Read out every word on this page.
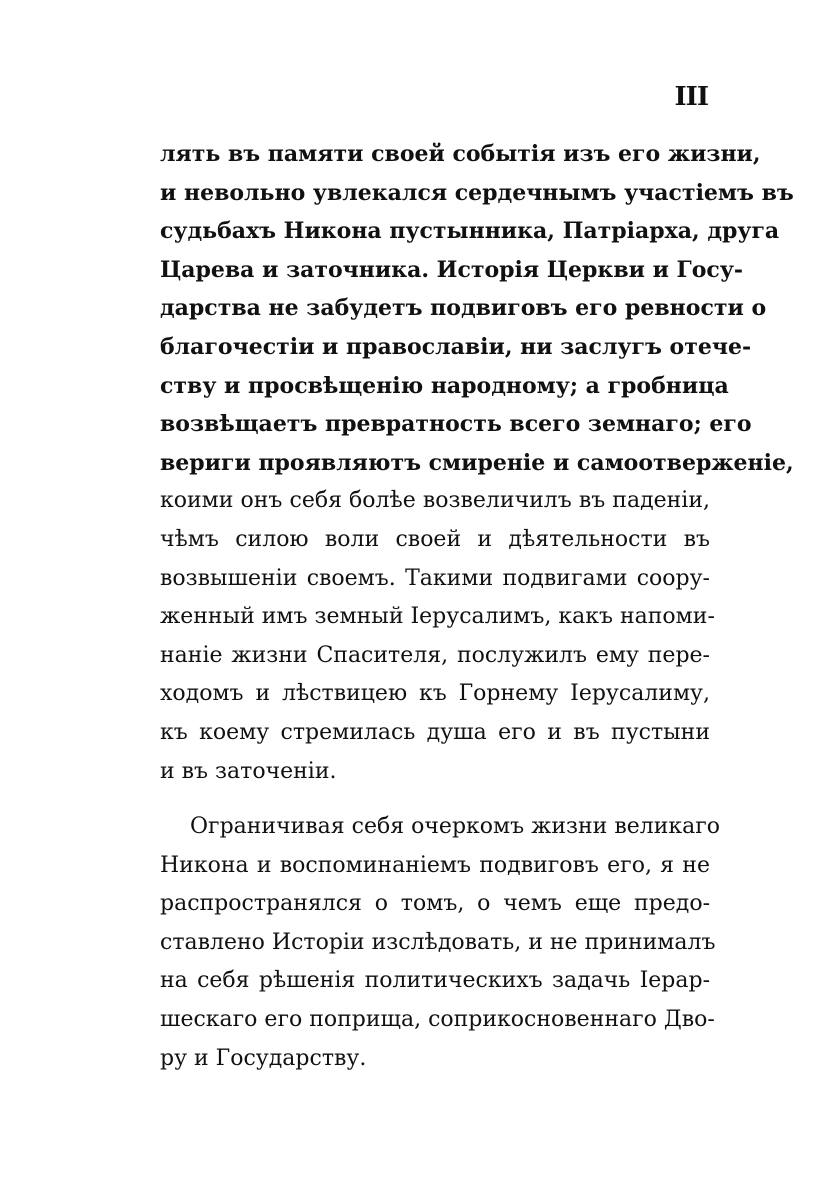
III
лять въ памяти своей событія изъ его жизни,
и невольно увлекался сердечнымъ участіемъ въ
судьбахъ Никона пустынника, Патріарха, друга
Царева и заточника. Исторія Церкви и Госу-
дарства не забудетъ подвиговъ его ревности о
благочестіи и православіи, ни заслугъ отече-
ству и просвѣщенію народному; а гробница
возвѣщаетъ превратность всего земнаго; его
вериги проявляютъ смиреніе и самоотверженіе,
коими онъ себя болѣе возвеличилъ въ паденіи,
чѣмъ силою воли своей и дѣятельности въ
возвышеніи своемъ. Такими подвигами соору-
женный имъ земный Іерусалимъ, какъ напоми-
наніе жизни Спасителя, послужилъ ему пере-
ходомъ и лѣствицею къ Горнему Іерусалиму,
къ коему стремилась душа его и въ пустыни
и въ заточеніи.
Ограничивая себя очеркомъ жизни великаго
Никона и воспоминаніемъ подвиговъ его, я не
распространялся о томъ, о чемъ еще предо-
ставлено Исторіи изслѣдовать, и не принималъ
на себя рѣшенія политическихъ задачь Іерар-
шескаго его поприща, соприкосновеннаго Дво-
ру и Государству.
